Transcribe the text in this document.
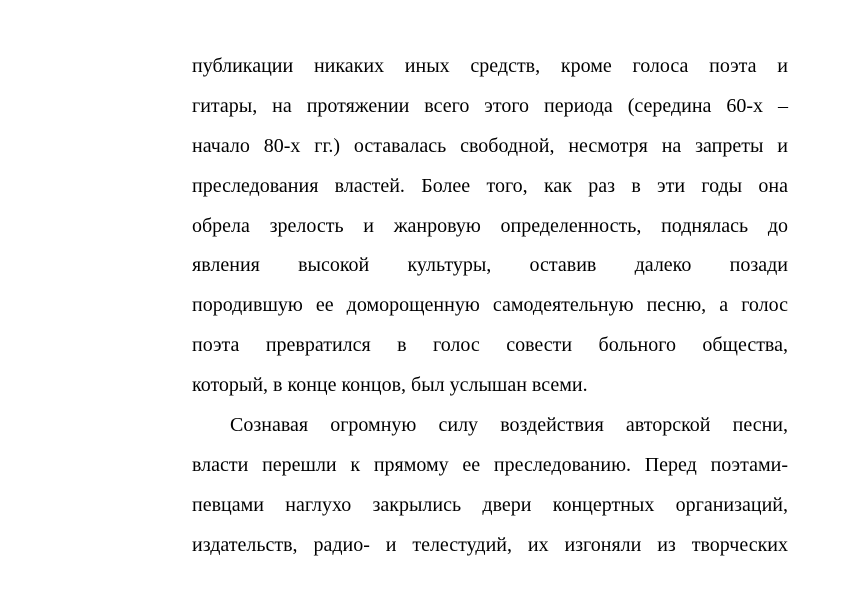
публикации никаких иных средств, кроме голоса поэта и
гитары, на протяжении всего этого периода (середина 60-х –
начало 80-х гг.) оставалась свободной, несмотря на запреты и
преследования властей. Более того, как раз в эти годы она
обрела зрелость и жанровую определенность, поднялась до
явления высокой культуры, оставив далеко позади
породившую ее доморощенную самодеятельную песню, а голос
поэта превратился в голос совести больного общества,
который, в конце концов, был услышан всеми.
Сознавая огромную силу воздействия авторской песни,
власти перешли к прямому ее преследованию. Перед поэтами-
певцами наглухо закрылись двери концертных организаций,
издательств, радио- и телестудий, их изгоняли из творческих
